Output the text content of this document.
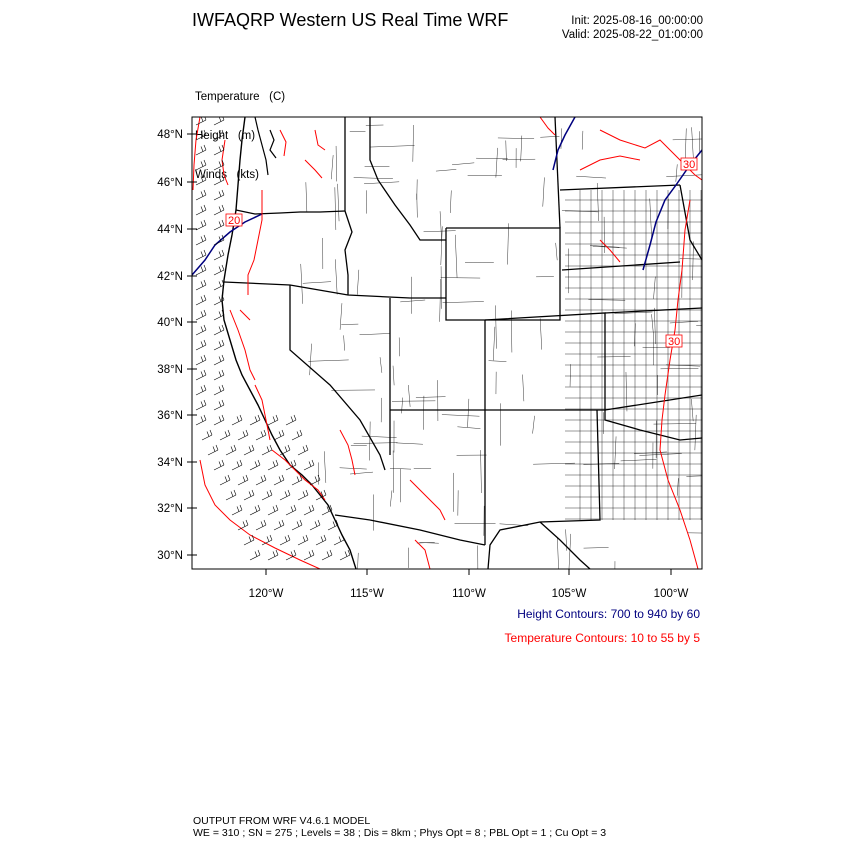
IWFAQRP Western US Real Time WRF	Init: 2025-08-16_00:00:00
Valid: 2025-08-22_01:00:00

Temperature (C)

Height (m)

Winds (kts)

20
30
30
48°N
46°N
44°N
42°N
40°N
38°N
36°N
34°N
32°N
30°N
120°W	115°W	110°W	105°W	100°W
Height Contours: 700 to 940 by 60
Temperature Contours: 10 to 55 by 5
OUTPUT FROM WRF V4.6.1 MODEL
WE = 310 ; SN = 275 ; Levels = 38 ; Dis = 8km ; Phys Opt = 8 ; PBL Opt = 1 ; Cu Opt = 3
